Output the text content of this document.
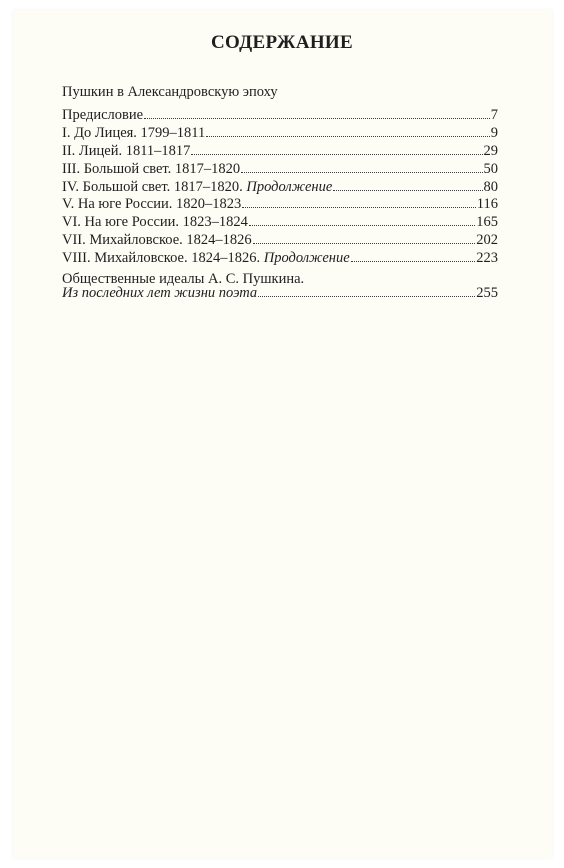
СОДЕРЖАНИЕ
Пушкин в Александровскую эпоху
Предисловие	7
I. До Лицея. 1799–1811	9
II. Лицей. 1811–1817	29
III. Большой свет. 1817–1820	50
IV. Большой свет. 1817–1820. Продолжение	80
V. На юге России. 1820–1823	116
VI. На юге России. 1823–1824	165
VII. Михайловское. 1824–1826	202
VIII. Михайловское. 1824–1826. Продолжение	223
Общественные идеалы А. С. Пушкина.
Из последних лет жизни поэта	255
